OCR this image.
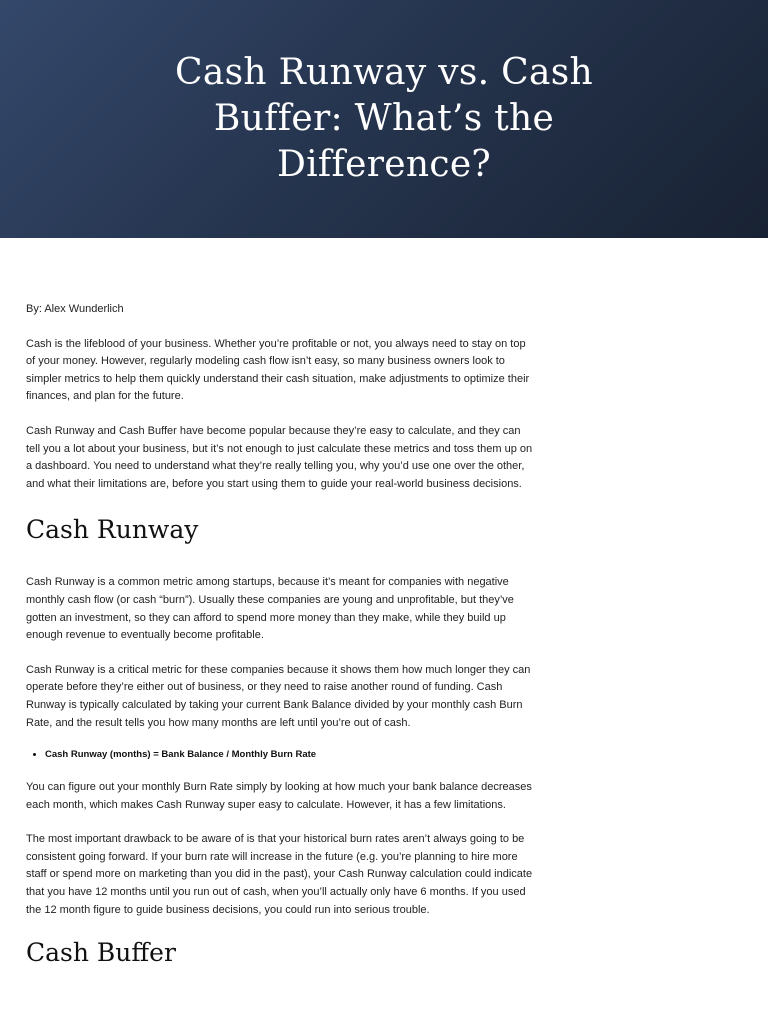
Cash Runway vs. Cash Buffer: What’s the Difference?
By: Alex Wunderlich

Cash is the lifeblood of your business. Whether you’re profitable or not, you always need to stay on top of your money. However, regularly modeling cash flow isn’t easy, so many business owners look to simpler metrics to help them quickly understand their cash situation, make adjustments to optimize their finances, and plan for the future.

Cash Runway and Cash Buffer have become popular because they’re easy to calculate, and they can tell you a lot about your business, but it’s not enough to just calculate these metrics and toss them up on a dashboard. You need to understand what they’re really telling you, why you’d use one over the other, and what their limitations are, before you start using them to guide your real-world business decisions.

Cash Runway

Cash Runway is a common metric among startups, because it’s meant for companies with negative monthly cash flow (or cash “burn”). Usually these companies are young and unprofitable, but they’ve gotten an investment, so they can afford to spend more money than they make, while they build up enough revenue to eventually become profitable.

Cash Runway is a critical metric for these companies because it shows them how much longer they can operate before they’re either out of business, or they need to raise another round of funding. Cash Runway is typically calculated by taking your current Bank Balance divided by your monthly cash Burn Rate, and the result tells you how many months are left until you’re out of cash.

• Cash Runway (months) = Bank Balance / Monthly Burn Rate

You can figure out your monthly Burn Rate simply by looking at how much your bank balance decreases each month, which makes Cash Runway super easy to calculate. However, it has a few limitations.

The most important drawback to be aware of is that your historical burn rates aren’t always going to be consistent going forward. If your burn rate will increase in the future (e.g. you’re planning to hire more staff or spend more on marketing than you did in the past), your Cash Runway calculation could indicate that you have 12 months until you run out of cash, when you’ll actually only have 6 months. If you used the 12 month figure to guide business decisions, you could run into serious trouble.

Cash Buffer
